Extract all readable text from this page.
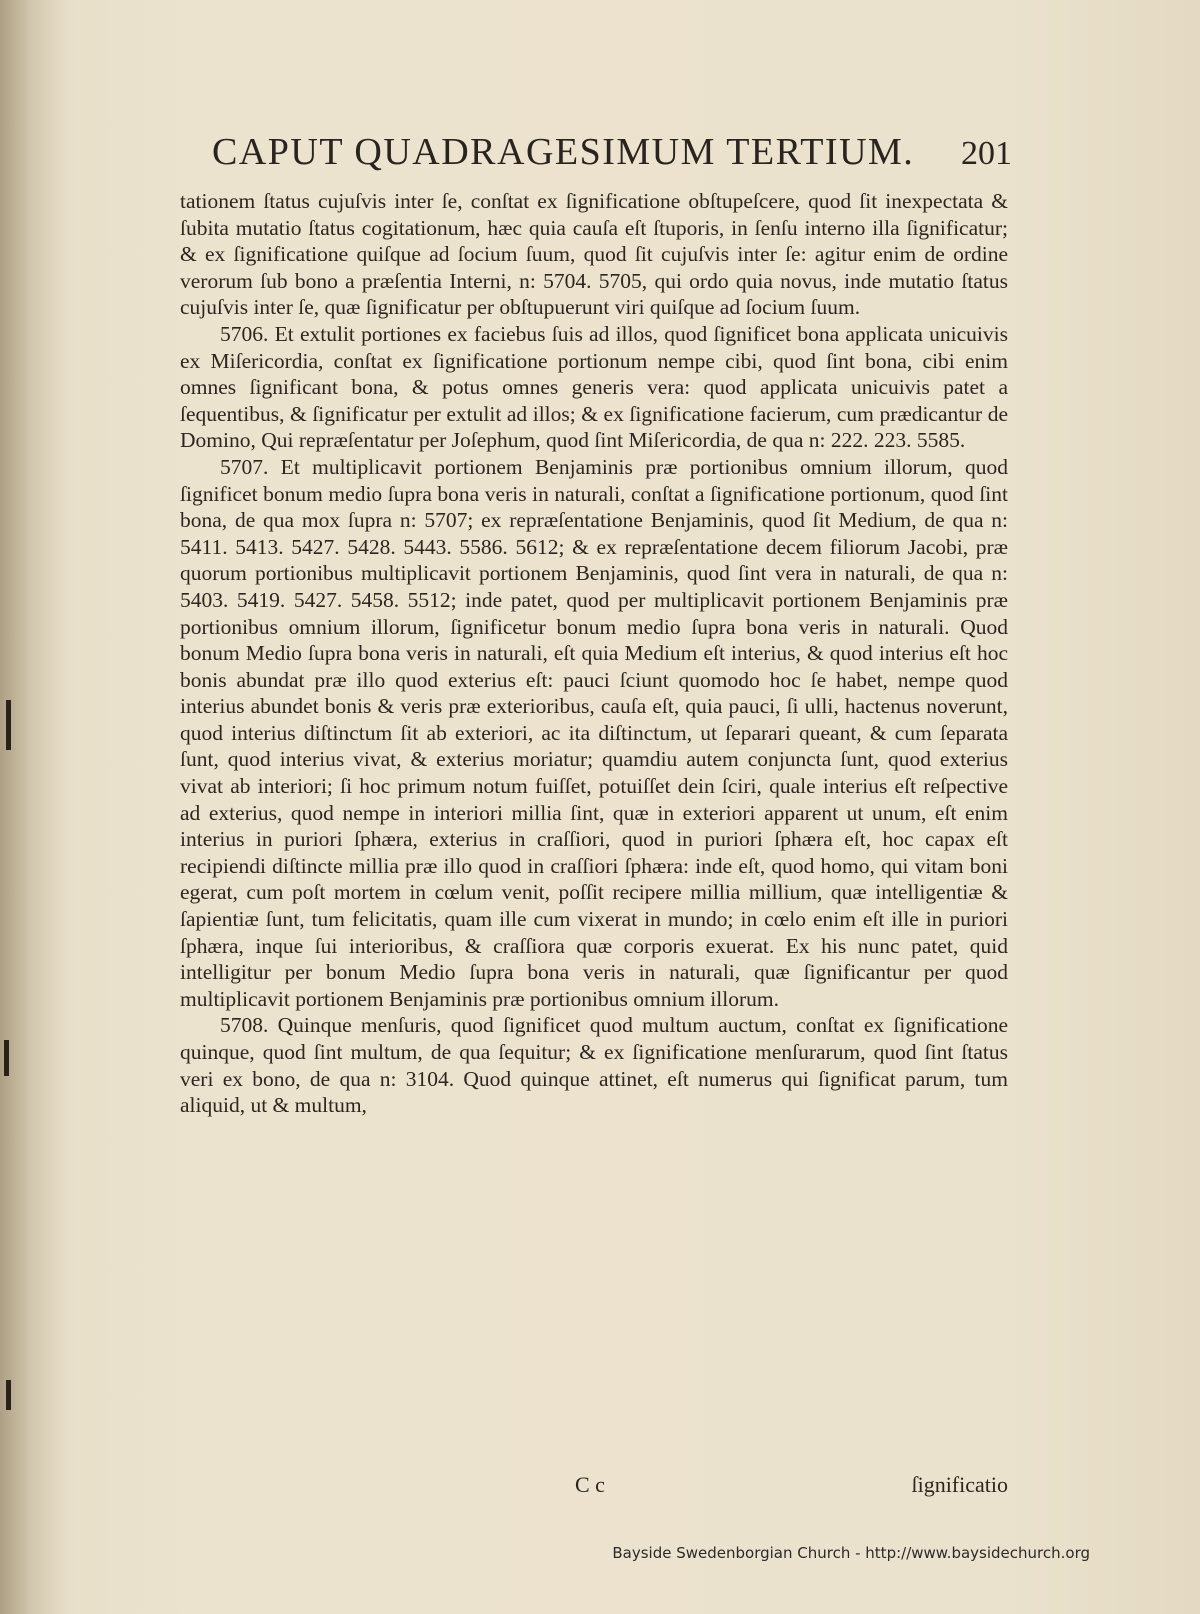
CAPUT QUADRAGESIMUM TERTIUM. 201

tationem ſtatus cujuſvis inter ſe, conſtat ex ſignificatione obſtupeſcere, quod ſit inexpectata & ſubita mutatio ſtatus cogitationum, hæc quia cauſa eſt ſtuporis, in ſenſu interno illa ſignificatur; & ex ſignificatione quiſque ad ſocium ſuum, quod ſit cujuſvis inter ſe: agitur enim de ordine verorum ſub bono a præſentia Interni, n: 5704. 5705, qui ordo quia novus, inde mutatio ſtatus cujuſvis inter ſe, quæ ſignificatur per obſtupuerunt viri quiſque ad ſocium ſuum.

5706. Et extulit portiones ex faciebus ſuis ad illos, quod ſignificet bona applicata unicuivis ex Miſericordia, conſtat ex ſignificatione portionum nempe cibi, quod ſint bona, cibi enim omnes ſignificant bona, & potus omnes generis vera: quod applicata unicuivis patet a ſequentibus, & ſignificatur per extulit ad illos; & ex ſignificatione facierum, cum prædicantur de Domino, Qui repræſentatur per Joſephum, quod ſint Miſericordia, de qua n: 222. 223. 5585.

5707. Et multiplicavit portionem Benjaminis præ portionibus omnium illorum, quod ſignificet bonum medio ſupra bona veris in naturali, conſtat a ſignificatione portionum, quod ſint bona, de qua mox ſupra n: 5707; ex repræſentatione Benjaminis, quod ſit Medium, de qua n: 5411. 5413. 5427. 5428. 5443. 5586. 5612; & ex repræſentatione decem filiorum Jacobi, præ quorum portionibus multiplicavit portionem Benjaminis, quod ſint vera in naturali, de qua n: 5403. 5419. 5427. 5458. 5512; inde patet, quod per multiplicavit portionem Benjaminis præ portionibus omnium illorum, ſignificetur bonum medio ſupra bona veris in naturali. Quod bonum Medio ſupra bona veris in naturali, eſt quia Medium eſt interius, & quod interius eſt hoc bonis abundat præ illo quod exterius eſt: pauci ſciunt quomodo hoc ſe habet, nempe quod interius abundet bonis & veris præ exterioribus, cauſa eſt, quia pauci, ſi ulli, hactenus noverunt, quod interius diſtinctum ſit ab exteriori, ac ita diſtinctum, ut ſeparari queant, & cum ſeparata ſunt, quod interius vivat, & exterius moriatur; quamdiu autem conjuncta ſunt, quod exterius vivat ab interiori; ſi hoc primum notum fuiſſet, potuiſſet dein ſciri, quale interius eſt reſpective ad exterius, quod nempe in interiori millia ſint, quæ in exteriori apparent ut unum, eſt enim interius in puriori ſphæra, exterius in craſſiori, quod in puriori ſphæra eſt, hoc capax eſt recipiendi diſtincte millia præ illo quod in craſſiori ſphæra: inde eſt, quod homo, qui vitam boni egerat, cum poſt mortem in cœlum venit, poſſit recipere millia millium, quæ intelligentiæ & ſapientiæ ſunt, tum felicitatis, quam ille cum vixerat in mundo; in cœlo enim eſt ille in puriori ſphæra, inque ſui interioribus, & craſſiora quæ corporis exuerat. Ex his nunc patet, quid intelligitur per bonum Medio ſupra bona veris in naturali, quæ ſignificantur per quod multiplicavit portionem Benjaminis præ portionibus omnium illorum.

5708. Quinque menſuris, quod ſignificet quod multum auctum, conſtat ex ſignificatione quinque, quod ſint multum, de qua ſequitur; & ex ſignificatione menſurarum, quod ſint ſtatus veri ex bono, de qua n: 3104. Quod quinque attinet, eſt numerus qui ſignificat parum, tum aliquid, ut & multum,

C c	ſignificatio
Bayside Swedenborgian Church - http://www.baysidechurch.org
